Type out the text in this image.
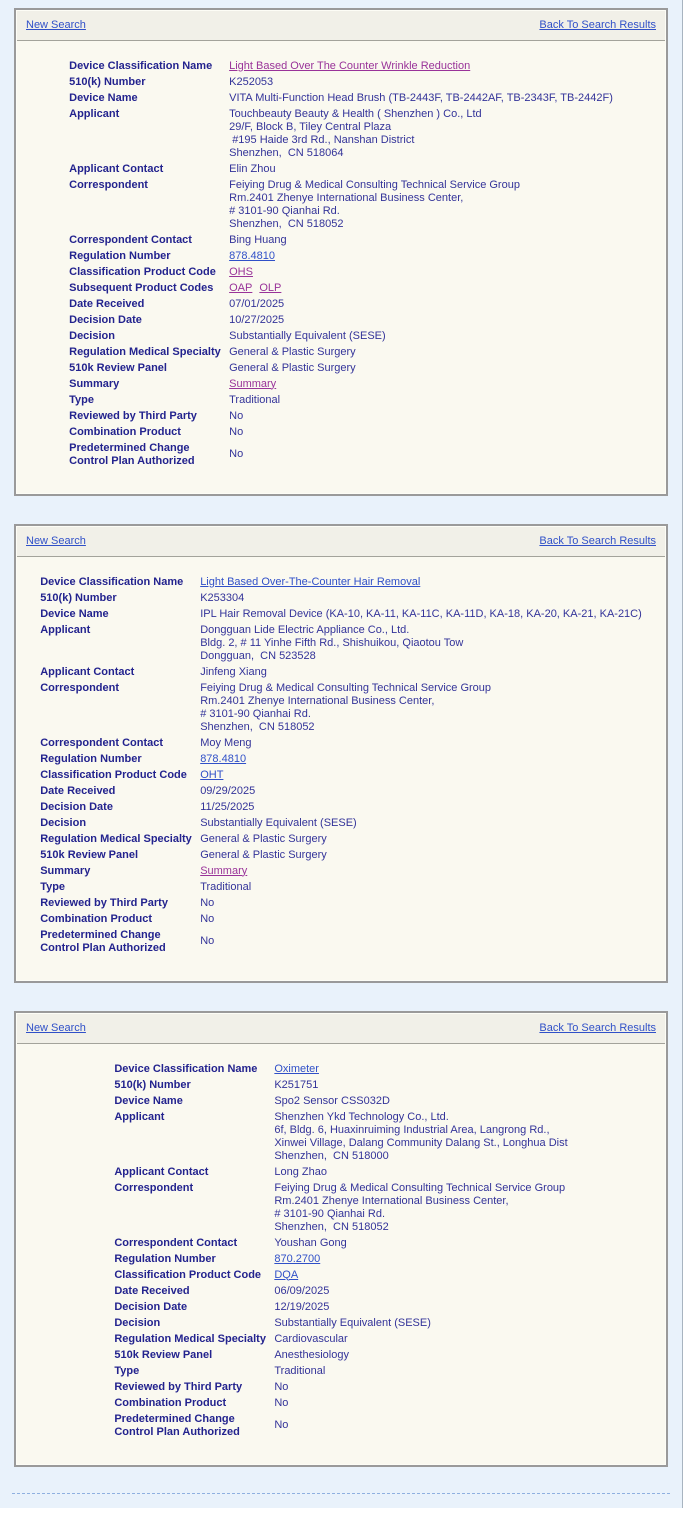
New Search	Back To Search Results
Device Classification Name	Light Based Over The Counter Wrinkle Reduction
510(k) Number	K252053
Device Name	VITA Multi-Function Head Brush (TB-2443F, TB-2442AF, TB-2343F, TB-2442F)
Applicant	Touchbeauty Beauty & Health ( Shenzhen ) Co., Ltd
29/F, Block B, Tiley Central Plaza
#195 Haide 3rd Rd., Nanshan District
Shenzhen,  CN 518064

Applicant Contact	Elin Zhou
Correspondent	Feiying Drug & Medical Consulting Technical Service Group
Rm.2401 Zhenye International Business Center,
# 3101-90 Qianhai Rd.
Shenzhen,  CN 518052

Correspondent Contact	Bing Huang
Regulation Number	878.4810
Classification Product Code	OHS
Subsequent Product Codes	OAP OLP
Date Received	07/01/2025
Decision Date	10/27/2025
Decision	Substantially Equivalent (SESE)
Regulation Medical Specialty	General & Plastic Surgery
510k Review Panel	General & Plastic Surgery
Summary	Summary
Type	Traditional
Reviewed by Third Party	No
Combination Product	No
Predetermined Change Control Plan Authorized	No
New Search	Back To Search Results
Device Classification Name	Light Based Over-The-Counter Hair Removal
510(k) Number	K253304
Device Name	IPL Hair Removal Device (KA-10, KA-11, KA-11C, KA-11D, KA-18, KA-20, KA-21, KA-21C)
Applicant	Dongguan Lide Electric Appliance Co., Ltd.
Bldg. 2, # 11 Yinhe Fifth Rd., Shishuikou, Qiaotou Tow
Dongguan,  CN 523528

Applicant Contact	Jinfeng Xiang
Correspondent	Feiying Drug & Medical Consulting Technical Service Group
Rm.2401 Zhenye International Business Center,
# 3101-90 Qianhai Rd.
Shenzhen,  CN 518052

Correspondent Contact	Moy Meng
Regulation Number	878.4810
Classification Product Code	OHT
Date Received	09/29/2025
Decision Date	11/25/2025
Decision	Substantially Equivalent (SESE)
Regulation Medical Specialty	General & Plastic Surgery
510k Review Panel	General & Plastic Surgery
Summary	Summary
Type	Traditional
Reviewed by Third Party	No
Combination Product	No
Predetermined Change Control Plan Authorized	No
New Search	Back To Search Results
Device Classification Name	Oximeter
510(k) Number	K251751
Device Name	Spo2 Sensor CSS032D
Applicant	Shenzhen Ykd Technology Co., Ltd.
6f, Bldg. 6, Huaxinruiming Industrial Area, Langrong Rd.,
Xinwei Village, Dalang Community Dalang St., Longhua Dist
Shenzhen,  CN 518000

Applicant Contact	Long Zhao
Correspondent	Feiying Drug & Medical Consulting Technical Service Group
Rm.2401 Zhenye International Business Center,
# 3101-90 Qianhai Rd.
Shenzhen,  CN 518052

Correspondent Contact	Youshan Gong
Regulation Number	870.2700
Classification Product Code	DQA
Date Received	06/09/2025
Decision Date	12/19/2025
Decision	Substantially Equivalent (SESE)
Regulation Medical Specialty	Cardiovascular
510k Review Panel	Anesthesiology
Type	Traditional
Reviewed by Third Party	No
Combination Product	No
Predetermined Change Control Plan Authorized	No
